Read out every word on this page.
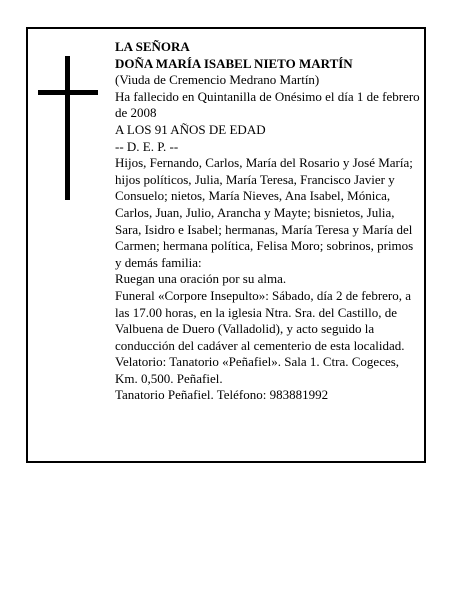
LA SEÑORA

DOÑA MARÍA ISABEL NIETO MARTÍN

(Viuda de Cremencio Medrano Martín)

Ha fallecido en Quintanilla de Onésimo el día 1 de febrero de 2008

A LOS 91 AÑOS DE EDAD

-- D. E. P. --

Hijos, Fernando, Carlos, María del Rosario y José María; hijos políticos, Julia, María Teresa, Francisco Javier y Consuelo; nietos, María Nieves, Ana Isabel, Mónica, Carlos, Juan, Julio, Arancha y Mayte; bisnietos, Julia, Sara, Isidro e Isabel; hermanas, María Teresa y María del Carmen; hermana política, Felisa Moro; sobrinos, primos y demás familia:

Ruegan una oración por su alma.

Funeral «Corpore Insepulto»: Sábado, día 2 de febrero, a las 17.00 horas, en la iglesia Ntra. Sra. del Castillo, de Valbuena de Duero (Valladolid), y acto seguido la conducción del cadáver al cementerio de esta localidad.

Velatorio: Tanatorio «Peñafiel». Sala 1. Ctra. Cogeces, Km. 0,500. Peñafiel.

Tanatorio Peñafiel. Teléfono: 983881992
